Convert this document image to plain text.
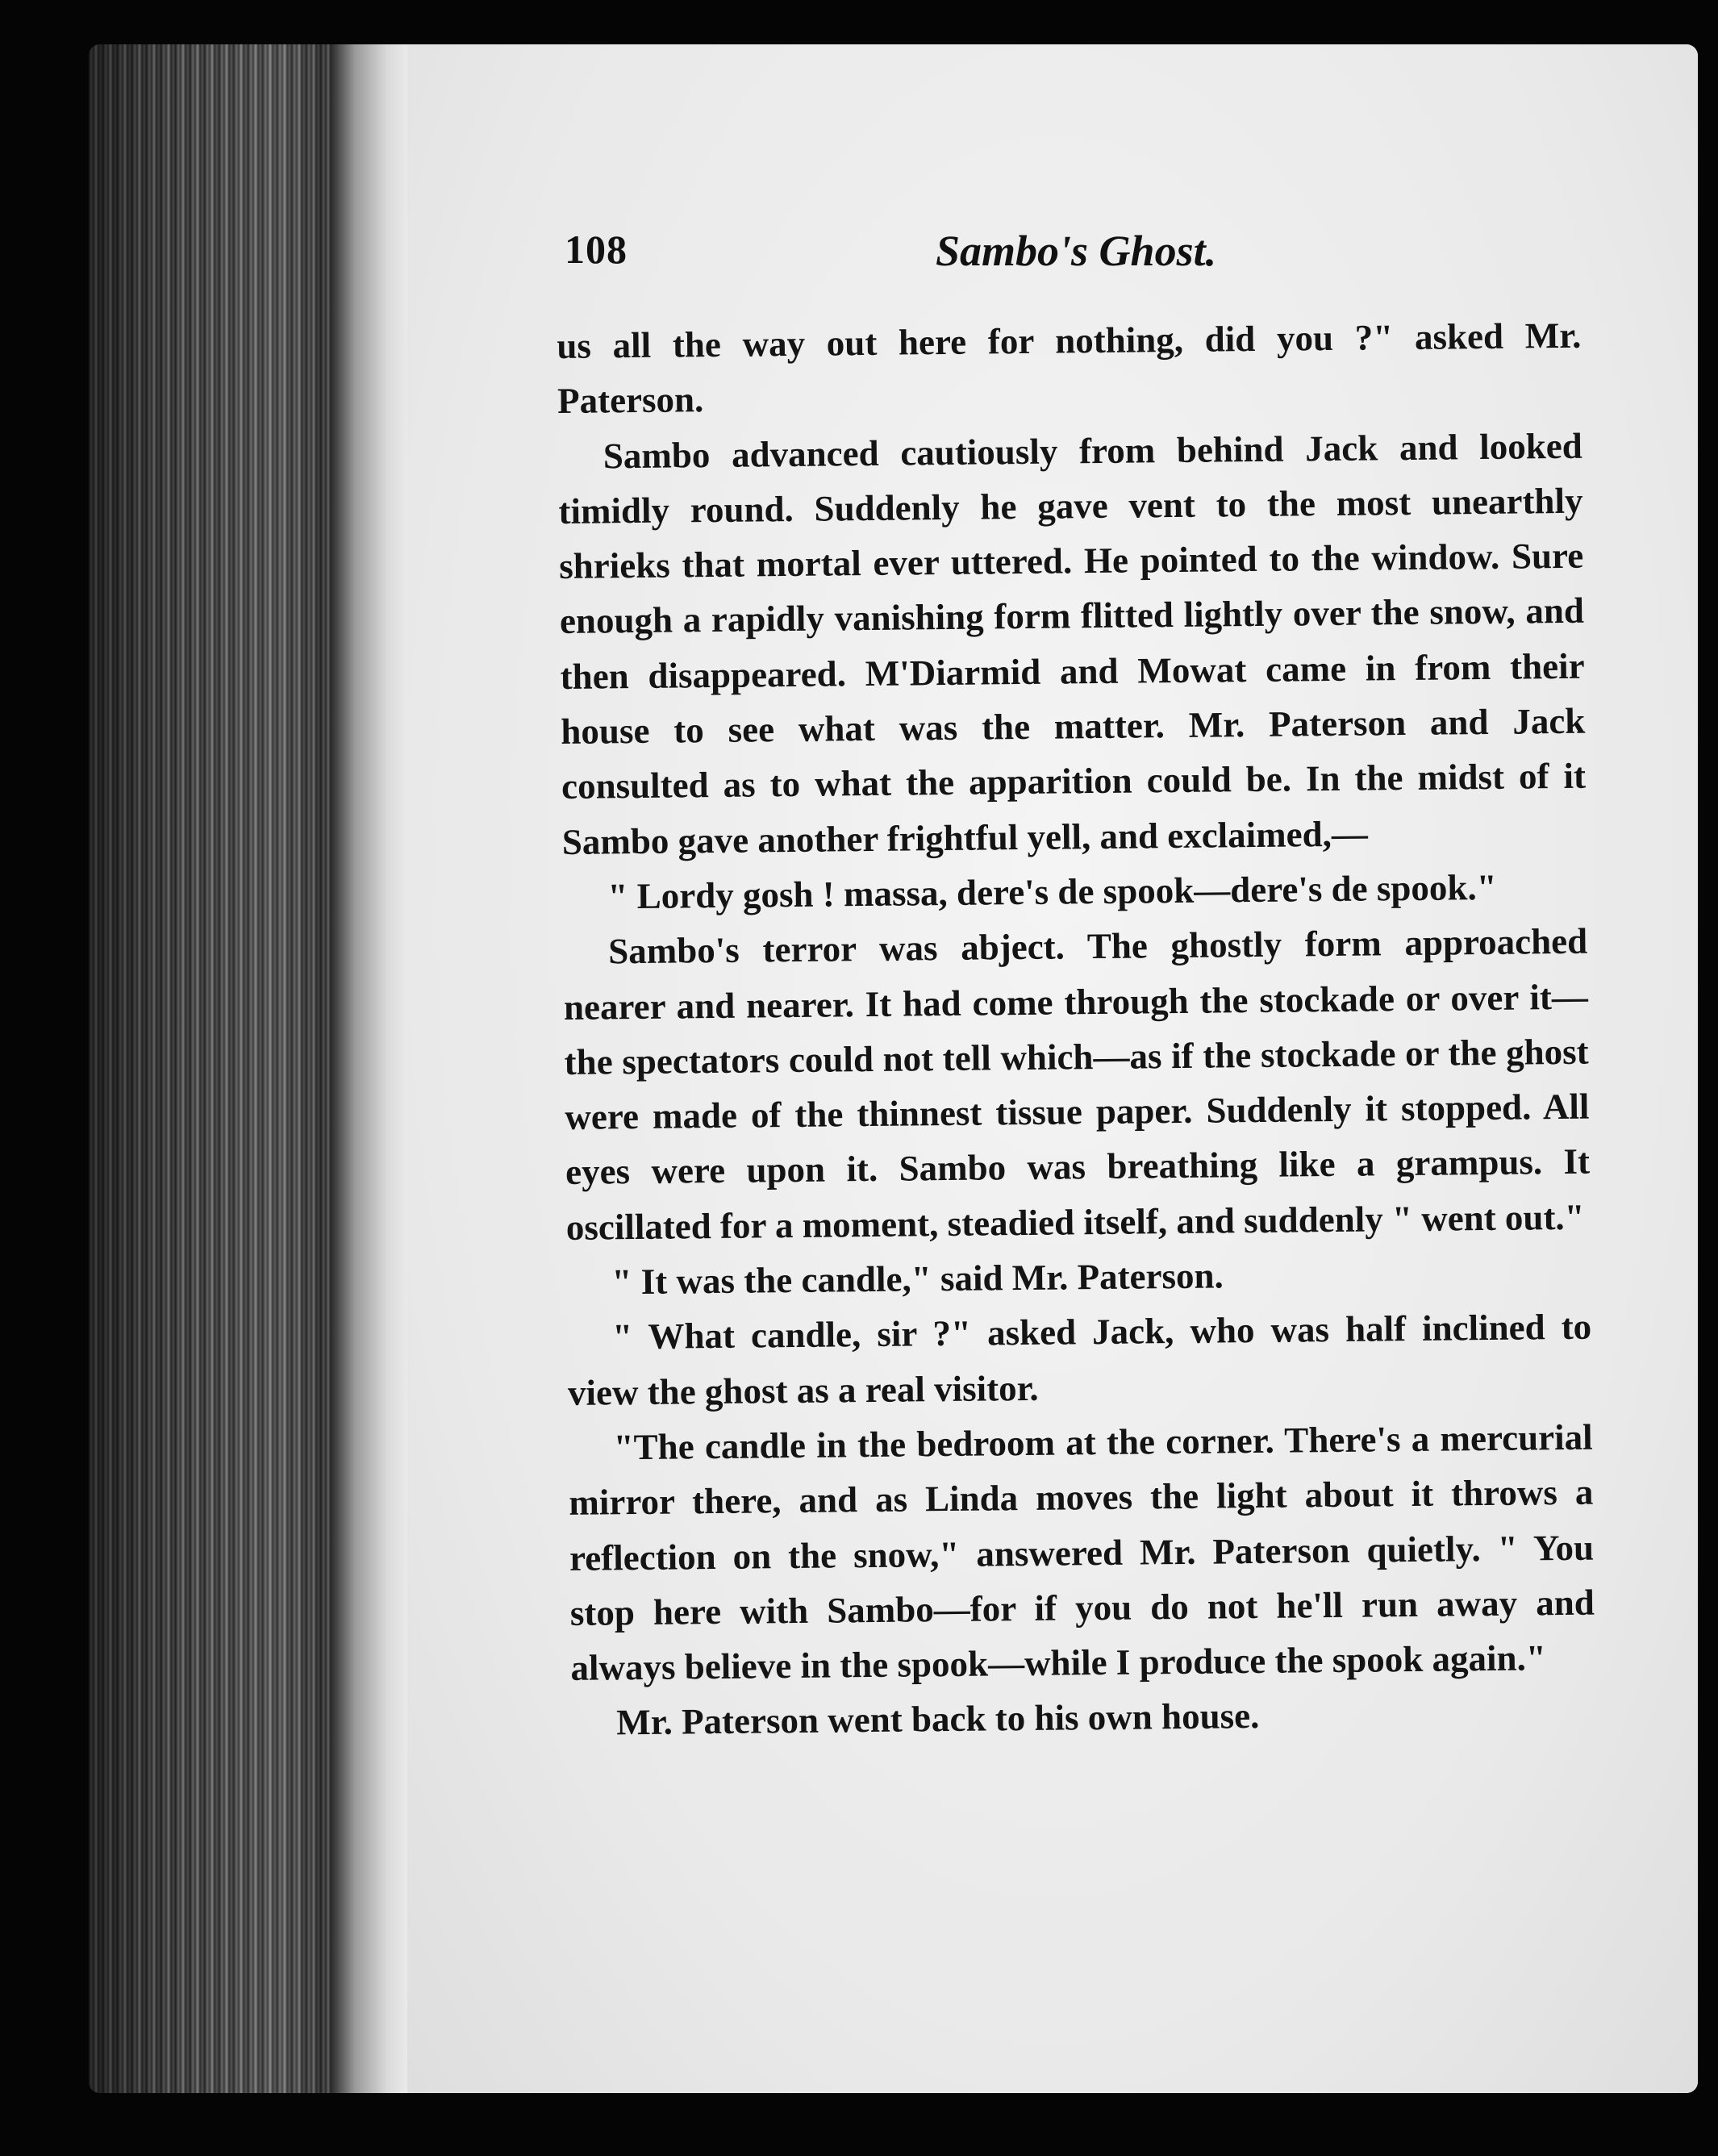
108	Sambo's Ghost.

us all the way out here for nothing, did you ?" asked Mr. Paterson.

Sambo advanced cautiously from behind Jack and looked timidly round. Suddenly he gave vent to the most unearthly shrieks that mortal ever uttered. He pointed to the window. Sure enough a rapidly vanishing form flitted lightly over the snow, and then disappeared. M'Diarmid and Mowat came in from their house to see what was the matter. Mr. Paterson and Jack consulted as to what the apparition could be. In the midst of it Sambo gave another frightful yell, and exclaimed,—

" Lordy gosh ! massa, dere's de spook—dere's de spook."

Sambo's terror was abject. The ghostly form approached nearer and nearer. It had come through the stockade or over it—the spectators could not tell which—as if the stockade or the ghost were made of the thinnest tissue paper. Suddenly it stopped. All eyes were upon it. Sambo was breathing like a grampus. It oscillated for a moment, steadied itself, and suddenly " went out."

" It was the candle," said Mr. Paterson.

" What candle, sir ?" asked Jack, who was half inclined to view the ghost as a real visitor.

"The candle in the bedroom at the corner. There's a mercurial mirror there, and as Linda moves the light about it throws a reflection on the snow," answered Mr. Paterson quietly. " You stop here with Sambo—for if you do not he'll run away and always believe in the spook—while I produce the spook again."

Mr. Paterson went back to his own house.
